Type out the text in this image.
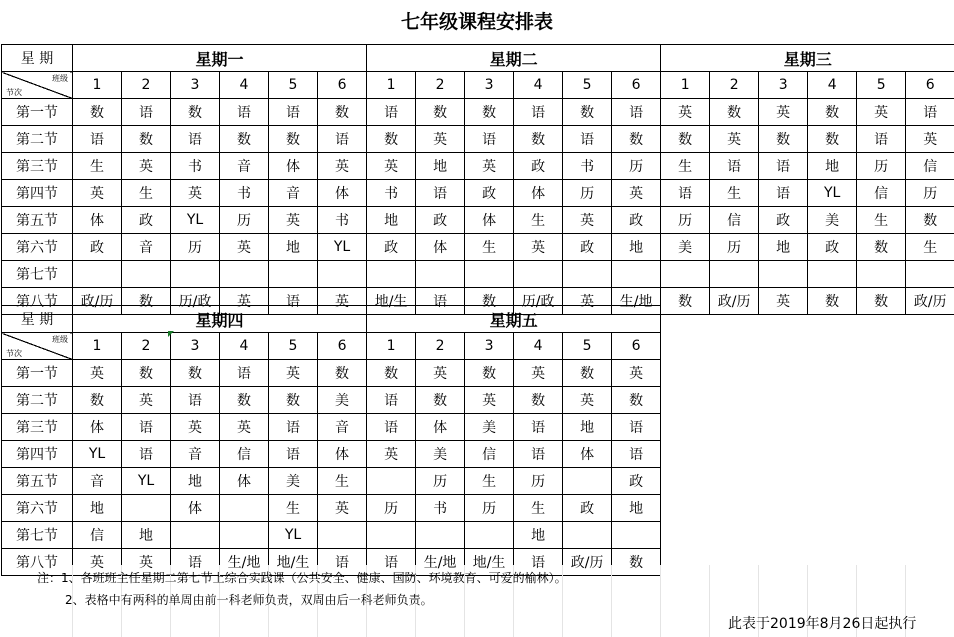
七年级课程安排表
星 期	星期一						星期二						星期三					

班级
节次	1	2	3	4	5	6	1	2	3	4	5	6	1	2	3	4	5	6
第一节	数	语	数	语	语	数	语	数	数	语	数	语	英	数	英	数	英	语
第二节	语	数	语	数	数	语	数	英	语	数	语	数	数	英	数	数	语	英
第三节	生	英	书	音	体	英	英	地	英	政	书	历	生	语	语	地	历	信
第四节	英	生	英	书	音	体	书	语	政	体	历	英	语	生	语	YL	信	历
第五节	体	政	YL	历	英	书	地	政	体	生	英	政	历	信	政	美	生	数
第六节	政	音	历	英	地	YL	政	体	生	英	政	地	美	历	地	政	数	生
第七节																		
第八节	政/历	数	历/政	英	语	英	地/生	语	数	历/政	英	生/地	数	政/历	英	数	数	政/历
星 期	星期四						星期五					

班级
节次	1	2	3	4	5	6	1	2	3	4	5	6
第一节	英	数	数	语	英	数	数	英	数	英	数	英
第二节	数	英	语	数	数	美	语	数	英	数	英	数
第三节	体	语	英	英	语	音	语	体	美	语	地	语
第四节	YL	语	音	信	语	体	英	美	信	语	体	语
第五节	音	YL	地	体	美	生		历	生	历		政
第六节	地		体		生	英	历	书	历	生	政	地
第七节	信	地			YL					地		
第八节	英	英	语	生/地	地/生	语	语	生/地	地/生	语	政/历	数
注：1、各班班主任星期二第七节上综合实践课（公共安全、健康、国防、环境教育、可爱的榆林）。
2、表格中有两科的单周由前一科老师负责，双周由后一科老师负责。
此表于2019年8月26日起执行
